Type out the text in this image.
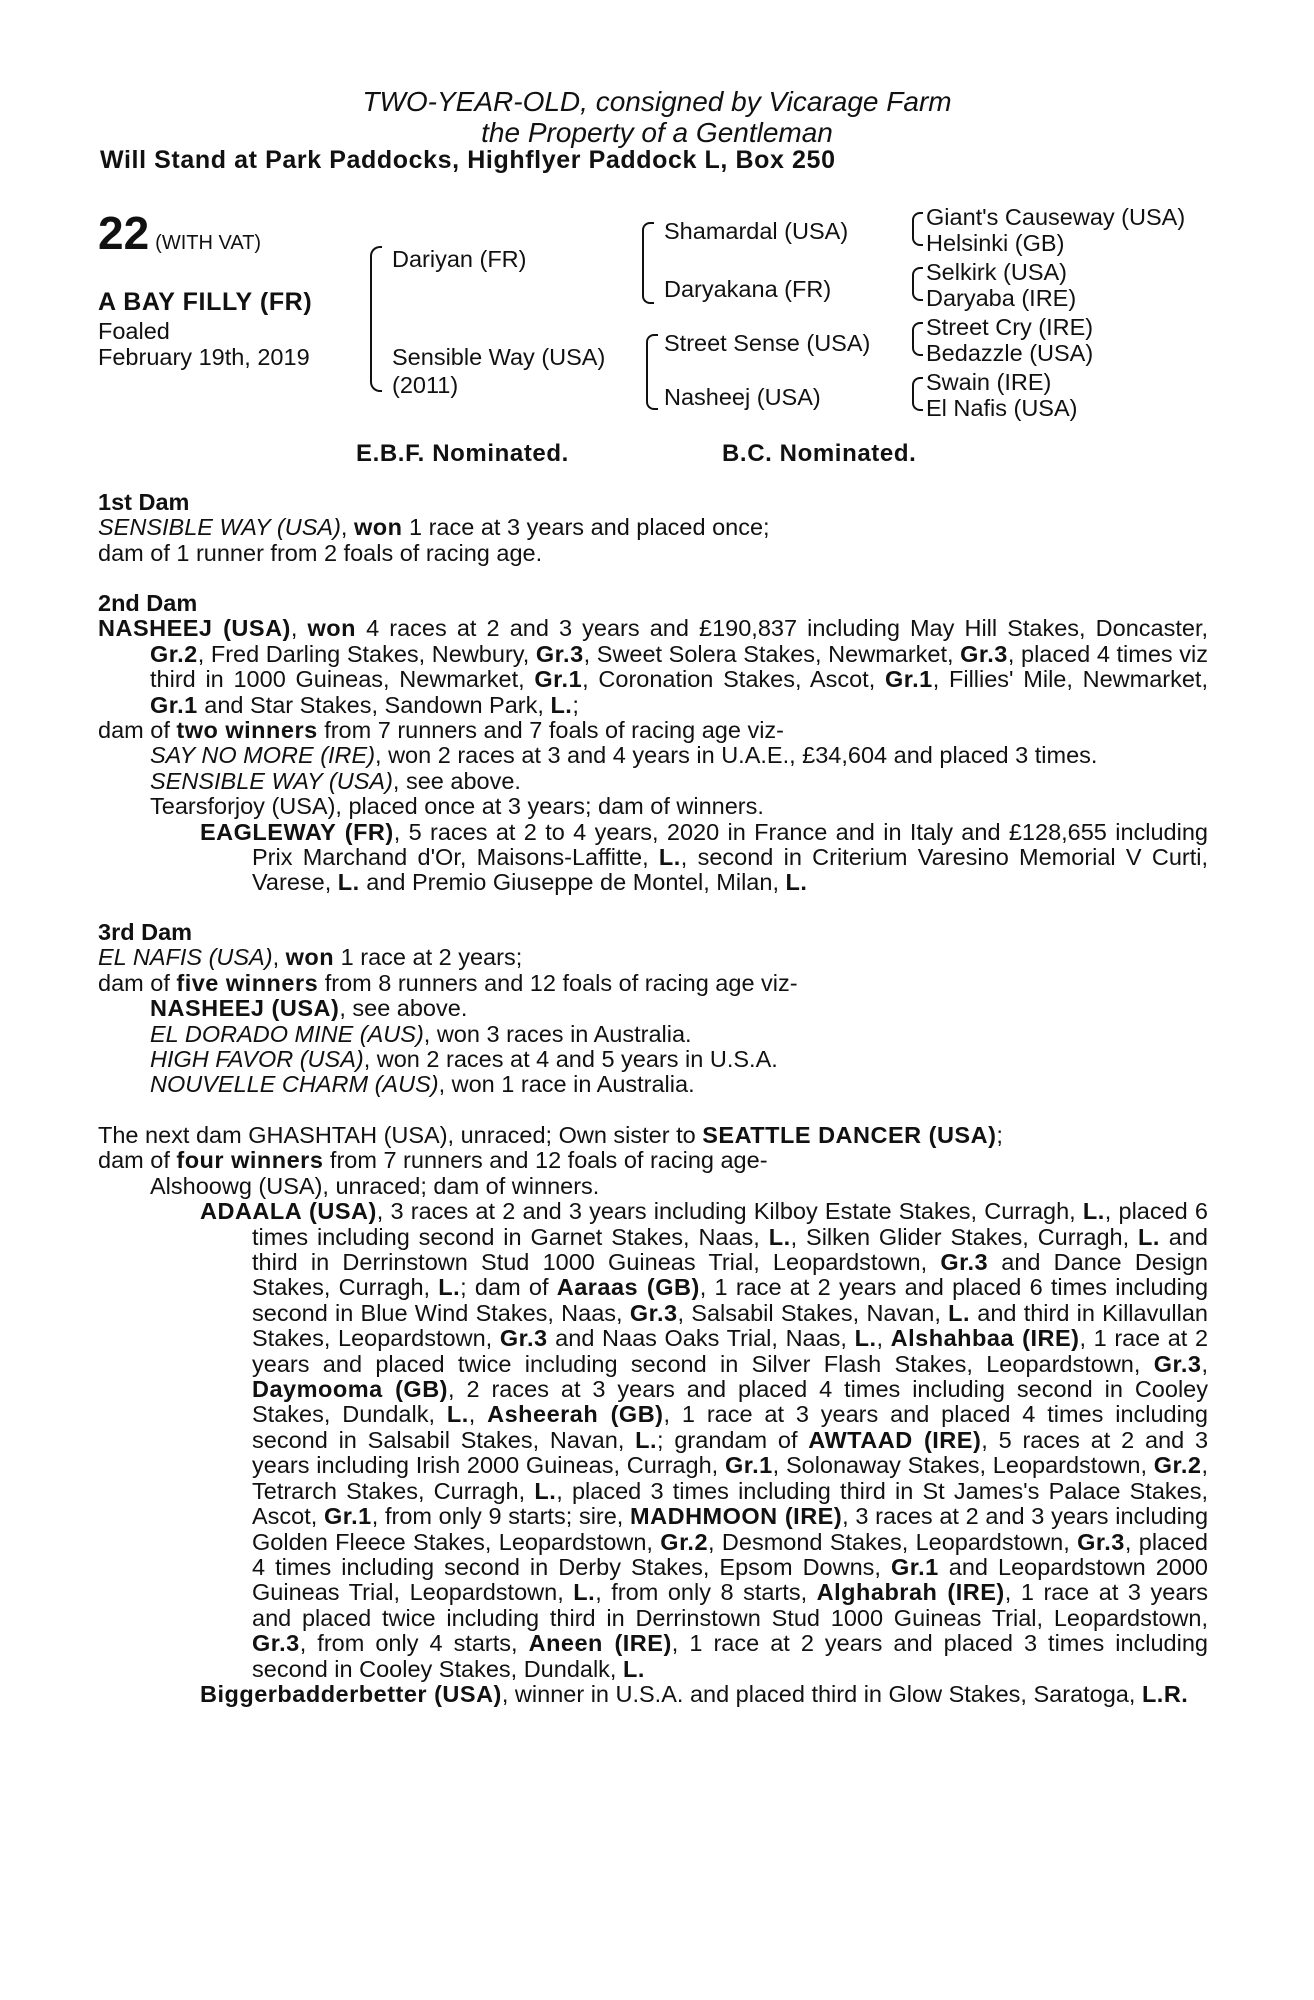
TWO-YEAR-OLD, consigned by Vicarage Farm
the Property of a Gentleman
Will Stand at Park Paddocks, Highflyer Paddock L, Box 250
22 (WITH VAT)
A BAY FILLY (FR)
Foaled
February 19th, 2019
Dariyan (FR)
Sensible Way (USA)
(2011)
Shamardal (USA)
Daryakana (FR)
Street Sense (USA)
Nasheej (USA)
Giant's Causeway (USA)
Helsinki (GB)
Selkirk (USA)
Daryaba (IRE)
Street Cry (IRE)
Bedazzle (USA)
Swain (IRE)
El Nafis (USA)
E.B.F. Nominated.	B.C. Nominated.

1st Dam

SENSIBLE WAY (USA), won 1 race at 3 years and placed once;

dam of 1 runner from 2 foals of racing age.

2nd Dam

NASHEEJ (USA), won 4 races at 2 and 3 years and £190,837 including May Hill Stakes, Doncaster, Gr.2, Fred Darling Stakes, Newbury, Gr.3, Sweet Solera Stakes, Newmarket, Gr.3, placed 4 times viz third in 1000 Guineas, Newmarket, Gr.1, Coronation Stakes, Ascot, Gr.1, Fillies' Mile, Newmarket, Gr.1 and Star Stakes, Sandown Park, L.;

dam of two winners from 7 runners and 7 foals of racing age viz-

SAY NO MORE (IRE), won 2 races at 3 and 4 years in U.A.E., £34,604 and placed 3 times.

SENSIBLE WAY (USA), see above.

Tearsforjoy (USA), placed once at 3 years; dam of winners.

EAGLEWAY (FR), 5 races at 2 to 4 years, 2020 in France and in Italy and £128,655 including Prix Marchand d'Or, Maisons-Laffitte, L., second in Criterium Varesino Memorial V Curti, Varese, L. and Premio Giuseppe de Montel, Milan, L.

3rd Dam

EL NAFIS (USA), won 1 race at 2 years;

dam of five winners from 8 runners and 12 foals of racing age viz-

NASHEEJ (USA), see above.

EL DORADO MINE (AUS), won 3 races in Australia.

HIGH FAVOR (USA), won 2 races at 4 and 5 years in U.S.A.

NOUVELLE CHARM (AUS), won 1 race in Australia.

The next dam GHASHTAH (USA), unraced; Own sister to SEATTLE DANCER (USA);

dam of four winners from 7 runners and 12 foals of racing age-

Alshoowg (USA), unraced; dam of winners.

ADAALA (USA), 3 races at 2 and 3 years including Kilboy Estate Stakes, Curragh, L., placed 6 times including second in Garnet Stakes, Naas, L., Silken Glider Stakes, Curragh, L. and third in Derrinstown Stud 1000 Guineas Trial, Leopardstown, Gr.3 and Dance Design Stakes, Curragh, L.; dam of Aaraas (GB), 1 race at 2 years and placed 6 times including second in Blue Wind Stakes, Naas, Gr.3, Salsabil Stakes, Navan, L. and third in Killavullan Stakes, Leopardstown, Gr.3 and Naas Oaks Trial, Naas, L., Alshahbaa (IRE), 1 race at 2 years and placed twice including second in Silver Flash Stakes, Leopardstown, Gr.3, Daymooma (GB), 2 races at 3 years and placed 4 times including second in Cooley Stakes, Dundalk, L., Asheerah (GB), 1 race at 3 years and placed 4 times including second in Salsabil Stakes, Navan, L.; grandam of AWTAAD (IRE), 5 races at 2 and 3 years including Irish 2000 Guineas, Curragh, Gr.1, Solonaway Stakes, Leopardstown, Gr.2, Tetrarch Stakes, Curragh, L., placed 3 times including third in St James's Palace Stakes, Ascot, Gr.1, from only 9 starts; sire, MADHMOON (IRE), 3 races at 2 and 3 years including Golden Fleece Stakes, Leopardstown, Gr.2, Desmond Stakes, Leopardstown, Gr.3, placed 4 times including second in Derby Stakes, Epsom Downs, Gr.1 and Leopardstown 2000 Guineas Trial, Leopardstown, L., from only 8 starts, Alghabrah (IRE), 1 race at 3 years and placed twice including third in Derrinstown Stud 1000 Guineas Trial, Leopardstown, Gr.3, from only 4 starts, Aneen (IRE), 1 race at 2 years and placed 3 times including second in Cooley Stakes, Dundalk, L.

Biggerbadderbetter (USA), winner in U.S.A. and placed third in Glow Stakes, Saratoga, L.R.
